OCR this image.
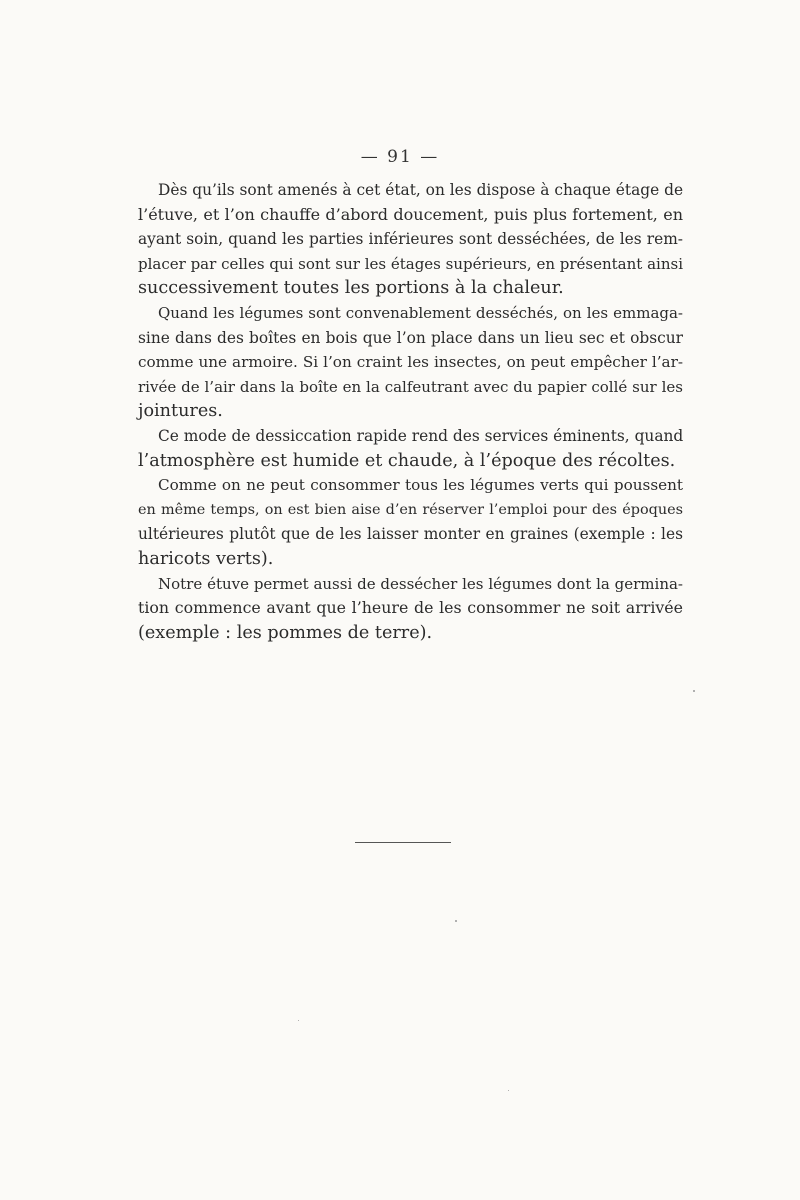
— 91 —
Dès qu’ils sont amenés à cet état, on les dispose à chaque étage de
l’étuve, et l’on chauffe d’abord doucement, puis plus fortement, en
ayant soin, quand les parties inférieures sont desséchées, de les rem-
placer par celles qui sont sur les étages supérieurs, en présentant ainsi
successivement toutes les portions à la chaleur.
Quand les légumes sont convenablement desséchés, on les emmaga-
sine dans des boîtes en bois que l’on place dans un lieu sec et obscur
comme une armoire. Si l’on craint les insectes, on peut empêcher l’ar-
rivée de l’air dans la boîte en la calfeutrant avec du papier collé sur les
jointures.
Ce mode de dessiccation rapide rend des services éminents, quand
l’atmosphère est humide et chaude, à l’époque des récoltes.
Comme on ne peut consommer tous les légumes verts qui poussent
en même temps, on est bien aise d’en réserver l’emploi pour des époques
ultérieures plutôt que de les laisser monter en graines (exemple : les
haricots verts).
Notre étuve permet aussi de dessécher les légumes dont la germina-
tion commence avant que l’heure de les consommer ne soit arrivée
(exemple : les pommes de terre).
